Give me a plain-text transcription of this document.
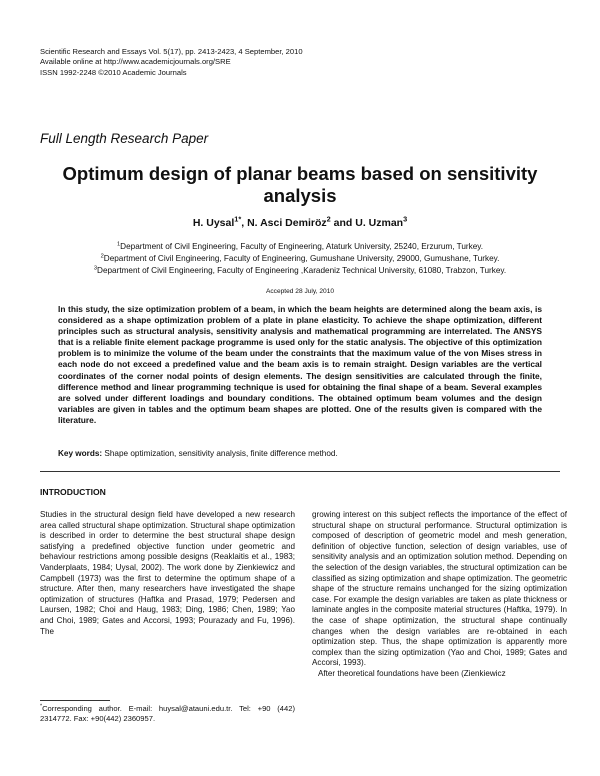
Scientific Research and Essays Vol. 5(17), pp. 2413-2423, 4 September, 2010
Available online at http://www.academicjournals.org/SRE
ISSN 1992-2248 ©2010 Academic Journals
Full Length Research Paper
Optimum design of planar beams based on sensitivity analysis
H. Uysal$^{1*}$, N. Asci Demiröz$^2$ and U. Uzman$^3$
$^1$Department of Civil Engineering, Faculty of Engineering, Ataturk University, 25240, Erzurum, Turkey.
$^2$Department of Civil Engineering, Faculty of Engineering, Gumushane University, 29000, Gumushane, Turkey.
$^3$Department of Civil Engineering, Faculty of Engineering ,Karadeniz Technical University, 61080, Trabzon, Turkey.
Accepted 28 July, 2010

In this study, the size optimization problem of a beam, in which the beam heights are determined along the beam axis, is considered as a shape optimization problem of a plate in plane elasticity. To achieve the shape optimization, different principles such as structural analysis, sensitivity analysis and mathematical programming are interrelated. The ANSYS that is a reliable finite element package programme is used only for the static analysis. The objective of this optimization problem is to minimize the volume of the beam under the constraints that the maximum value of the von Mises stress in each node do not exceed a predefined value and the beam axis is to remain straight. Design variables are the vertical coordinates of the corner nodal points of design elements. The design sensitivities are calculated through the finite, difference method and linear programming technique is used for obtaining the final shape of a beam. Several examples are solved under different loadings and boundary conditions. The obtained optimum beam volumes and the design variables are given in tables and the optimum beam shapes are plotted. One of the results given is compared with the literature.

Key words: Shape optimization, sensitivity analysis, finite difference method.
INTRODUCTION

Studies in the structural design field have developed a new research area called structural shape optimization. Structural shape optimization is described in order to determine the best structural shape design satisfying a predefined objective function under geometric and behaviour restrictions among possible designs (Reaklaitis et al., 1983; Vanderplaats, 1984; Uysal, 2002). The work done by Zienkiewicz and Campbell (1973) was the first to determine the optimum shape of a structure. After then, many researchers have investigated the shape optimization of structures (Haftka and Prasad, 1979; Pedersen and Laursen, 1982; Choi and Haug, 1983; Ding, 1986; Chen, 1989; Yao and Choi, 1989; Gates and Accorsi, 1993; Pourazady and Fu, 1996). The

growing interest on this subject reflects the importance of the effect of structural shape on structural performance. Structural optimization is composed of description of geometric model and mesh generation, definition of objective function, selection of design variables, use of sensitivity analysis and an optimization solution method. Depending on the selection of the design variables, the structural optimization can be classified as sizing optimization and shape optimization. The geometric shape of the structure remains unchanged for the sizing optimization case. For example the design variables are taken as plate thickness or laminate angles in the composite material structures (Haftka, 1979). In the case of shape optimization, the structural shape continually changes when the design variables are re-obtained in each optimization step. Thus, the shape optimization is apparently more complex than the sizing optimization (Yao and Choi, 1989; Gates and Accorsi, 1993).

After theoretical foundations have been (Zienkiewicz

*Corresponding author. E-mail: huysal@atauni.edu.tr. Tel: +90 (442) 2314772. Fax: +90(442) 2360957.
